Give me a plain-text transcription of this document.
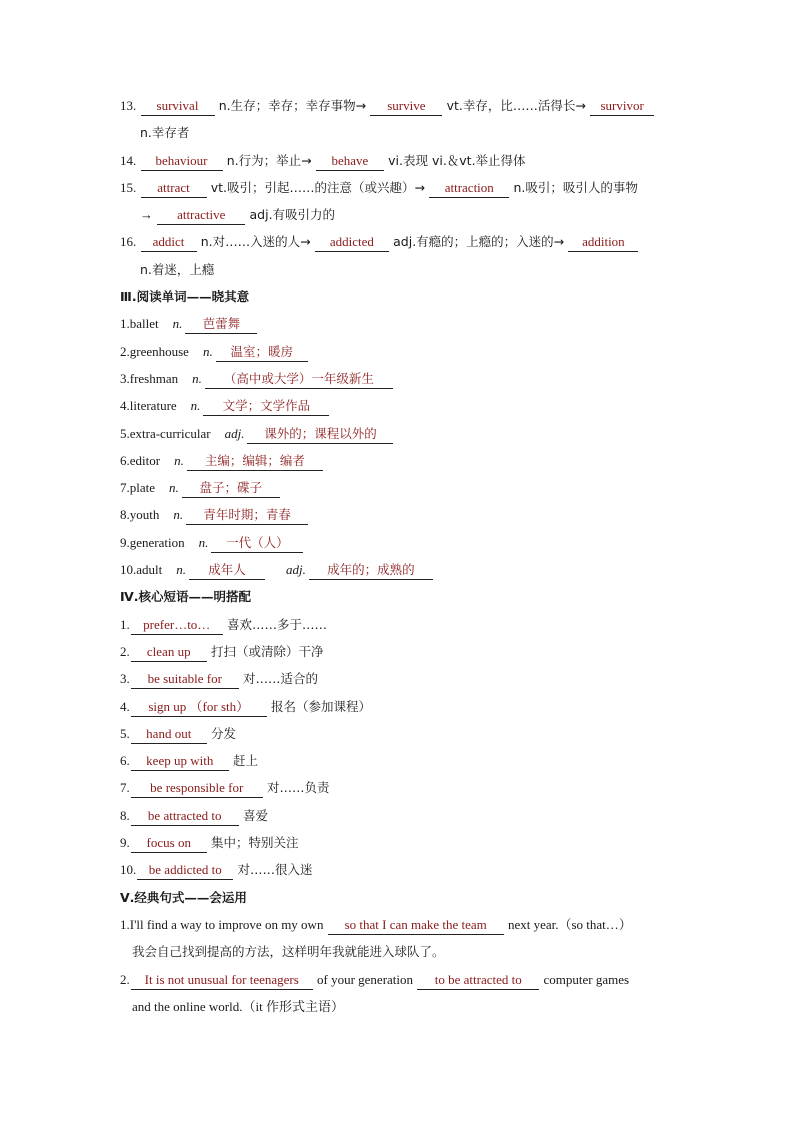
13. survival n.生存；幸存；幸存事物→ survive vt.幸存，比……活得长→ survivor
n.幸存者
14. behaviour n.行为；举止→ behave vi.表现 vi.＆vt.举止得体
15. attract vt.吸引；引起……的注意（或兴趣）→ attraction n.吸引；吸引人的事物
→ attractive adj.有吸引力的
16. addict n.对……入迷的人→ addicted adj.有瘾的；上瘾的；入迷的→ addition
n.着迷，上瘾
Ⅲ.阅读单词——晓其意
1.ballet n. 芭蕾舞
2.greenhouse n. 温室；暖房
3.freshman n. （高中或大学）一年级新生
4.literature n. 文学；文学作品
5.extra-curricular adj. 课外的；课程以外的
6.editor n. 主编；编辑；编者
7.plate n. 盘子；碟子
8.youth n. 青年时期；青春
9.generation n. 一代（人）
10.adult n. 成年人	adj. 成年的；成熟的
Ⅳ.核心短语——明搭配
1. prefer…to… 喜欢……多于……
2. clean up 打扫（或清除）干净
3. be suitable for 对……适合的
4. sign up （for sth） 报名（参加课程）
5. hand out 分发
6. keep up with 赶上
7. be responsible for 对……负责
8. be attracted to 喜爱
9. focus on 集中；特别关注
10. be addicted to 对……很入迷
Ⅴ.经典句式——会运用
1.I'll find a way to improve on my own so that I can make the team next year.（so that…）
我会自己找到提高的方法，这样明年我就能进入球队了。
2. It is not unusual for teenagers of your generation to be attracted to computer games
and the online world.（it 作形式主语）
